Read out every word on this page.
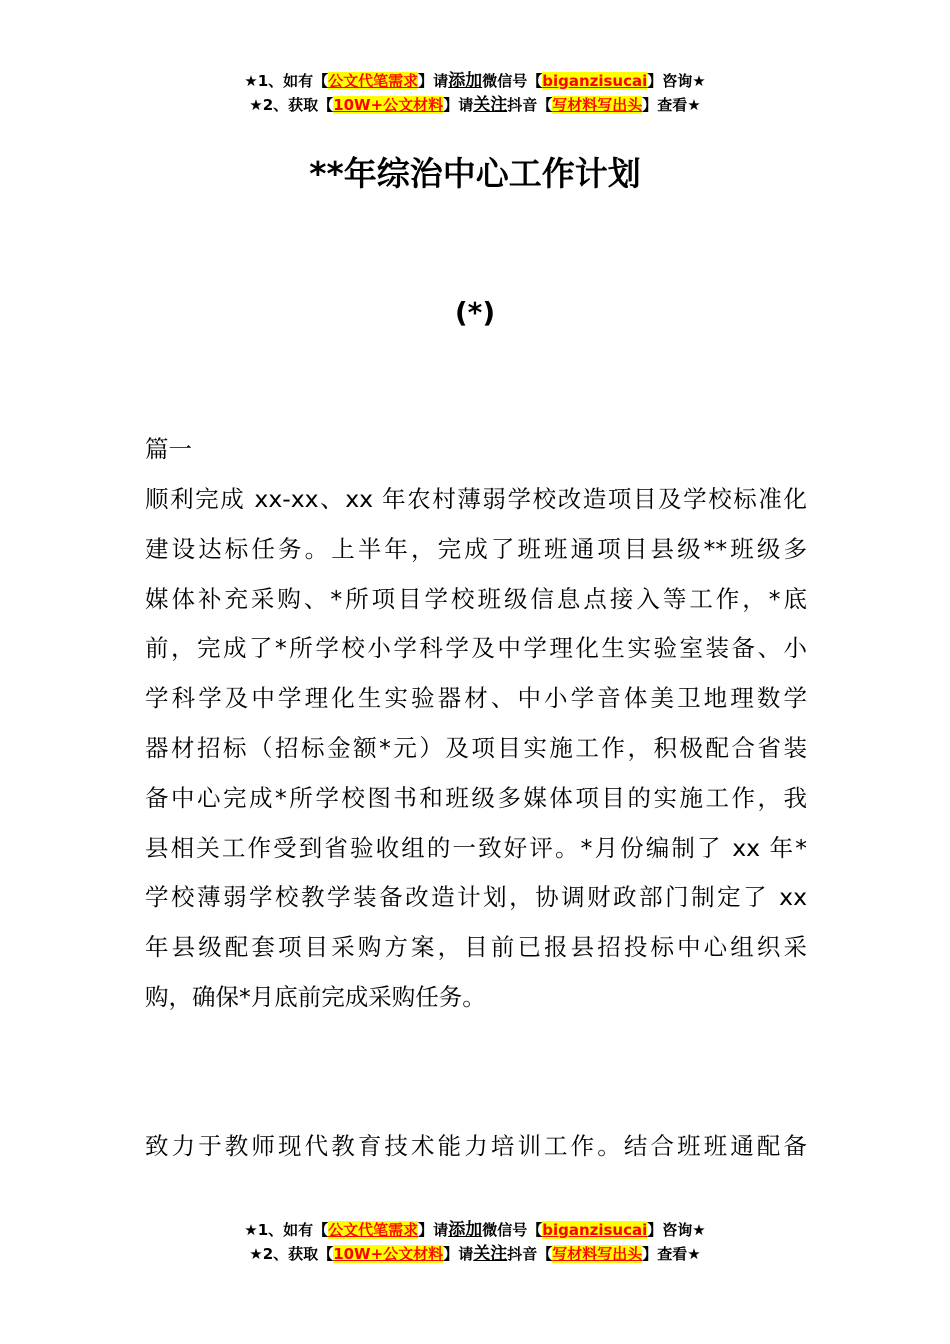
★1、如有【公文代笔需求】请添加微信号【biganzisucai】咨询★
★2、获取【10W+公文材料】请关注抖音【写材料写出头】查看★
**年综治中心工作计划
(*)
篇一
顺利完成 xx-xx、xx 年农村薄弱学校改造项目及学校标准化
建设达标任务。上半年，完成了班班通项目县级**班级多
媒体补充采购、*所项目学校班级信息点接入等工作，*底
前，完成了*所学校小学科学及中学理化生实验室装备、小
学科学及中学理化生实验器材、中小学音体美卫地理数学
器材招标（招标金额*元）及项目实施工作，积极配合省装
备中心完成*所学校图书和班级多媒体项目的实施工作，我
县相关工作受到省验收组的一致好评。*月份编制了 xx 年*
学校薄弱学校教学装备改造计划，协调财政部门制定了 xx
年县级配套项目采购方案，目前已报县招投标中心组织采
购，确保*月底前完成采购任务。
致力于教师现代教育技术能力培训工作。结合班班通配备
★1、如有【公文代笔需求】请添加微信号【biganzisucai】咨询★
★2、获取【10W+公文材料】请关注抖音【写材料写出头】查看★
